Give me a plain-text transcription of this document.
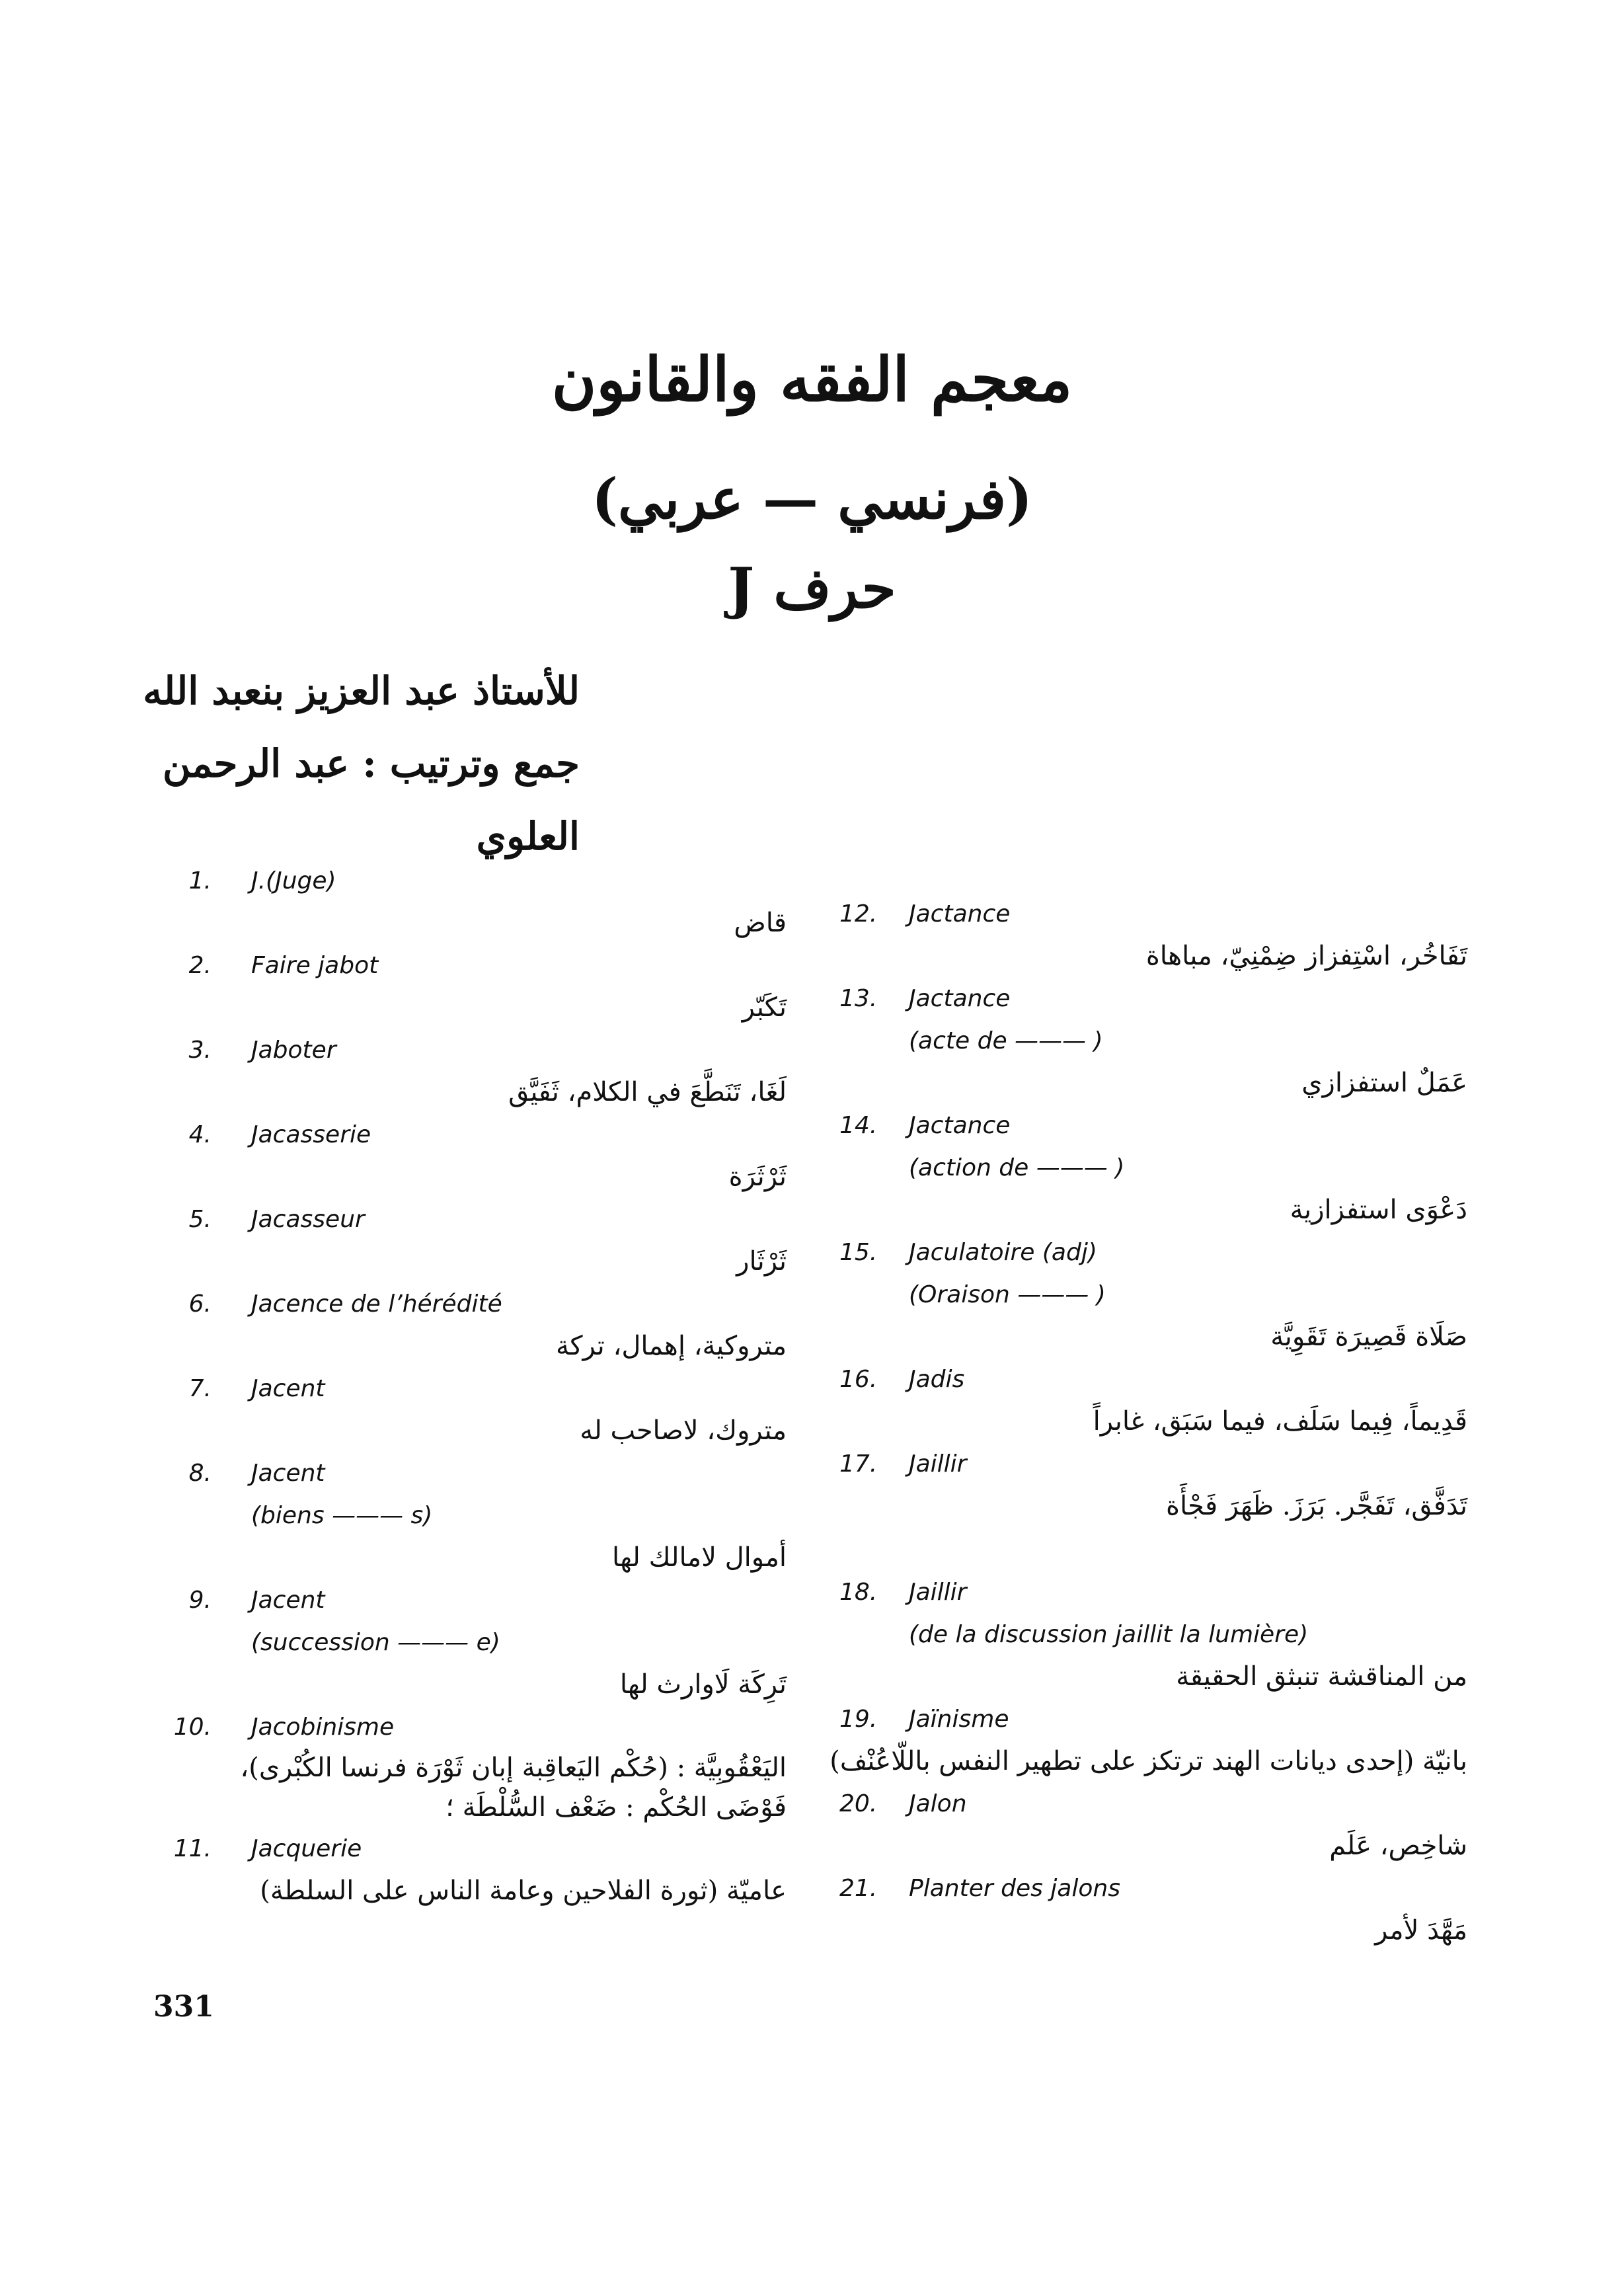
معجم الفقه والقانون
(فرنسي — عربي)
حرف J
للأستاذ عبد العزيز بنعبد الله
جمع وترتيب : عبد الرحمن العلوي
1. J.(Juge)
قاض
2. Faire jabot
تَكَبّر
3. Jaboter
لَغَا، تَنَطَّعَ في الكلام، ثَفَيَّق
4. Jacasserie
ثَرْثَرَة
5. Jacasseur
ثَرْثَار
6. Jacence de l’hérédité
متروكية، إهمال، تركة
7. Jacent
متروك، لاصاحب له
8. Jacent
(biens ——— s)
أموال لامالك لها
9. Jacent
(succession ——— e)
تَرِكَة لَاوارث لها
10. Jacobinisme
اليَعْقُوبِيَّة : (حُكْم اليَعاقِبة إبان ثَوْرَة فرنسا الكُبْرى)،
فَوْضَى الحُكْم : ضَعْف السُّلْطَة ؛
11. Jacquerie
عاميّة (ثورة الفلاحين وعامة الناس على السلطة)
12. Jactance
تَفَاخُر، اسْتِفزاز ضِمْنِيّ، مباهاة
13. Jactance
(acte de ——— )
عَمَلٌ استفزازي
14. Jactance
(action de ——— )
دَعْوَى استفزازية
15. Jaculatoire (adj)
(Oraison ——— )
صَلَاة قَصِيرَة تَقَوِيَّة
16. Jadis
قَدِيماً، فِيما سَلَف، فيما سَبَق، غابراً
17. Jaillir
تَدَفَّق، تَفَجَّر. بَرَزَ. ظَهَرَ فَجْأَة
18. Jaillir
(de la discussion jaillit la lumière)
من المناقشة تنبثق الحقيقة
19. Jaïnisme
بانيّة (إحدى ديانات الهند ترتكز على تطهير النفس باللّاعُنْف)
20. Jalon
شاخِص، عَلَم
21. Planter des jalons
مَهَّدَ لأمر
331
